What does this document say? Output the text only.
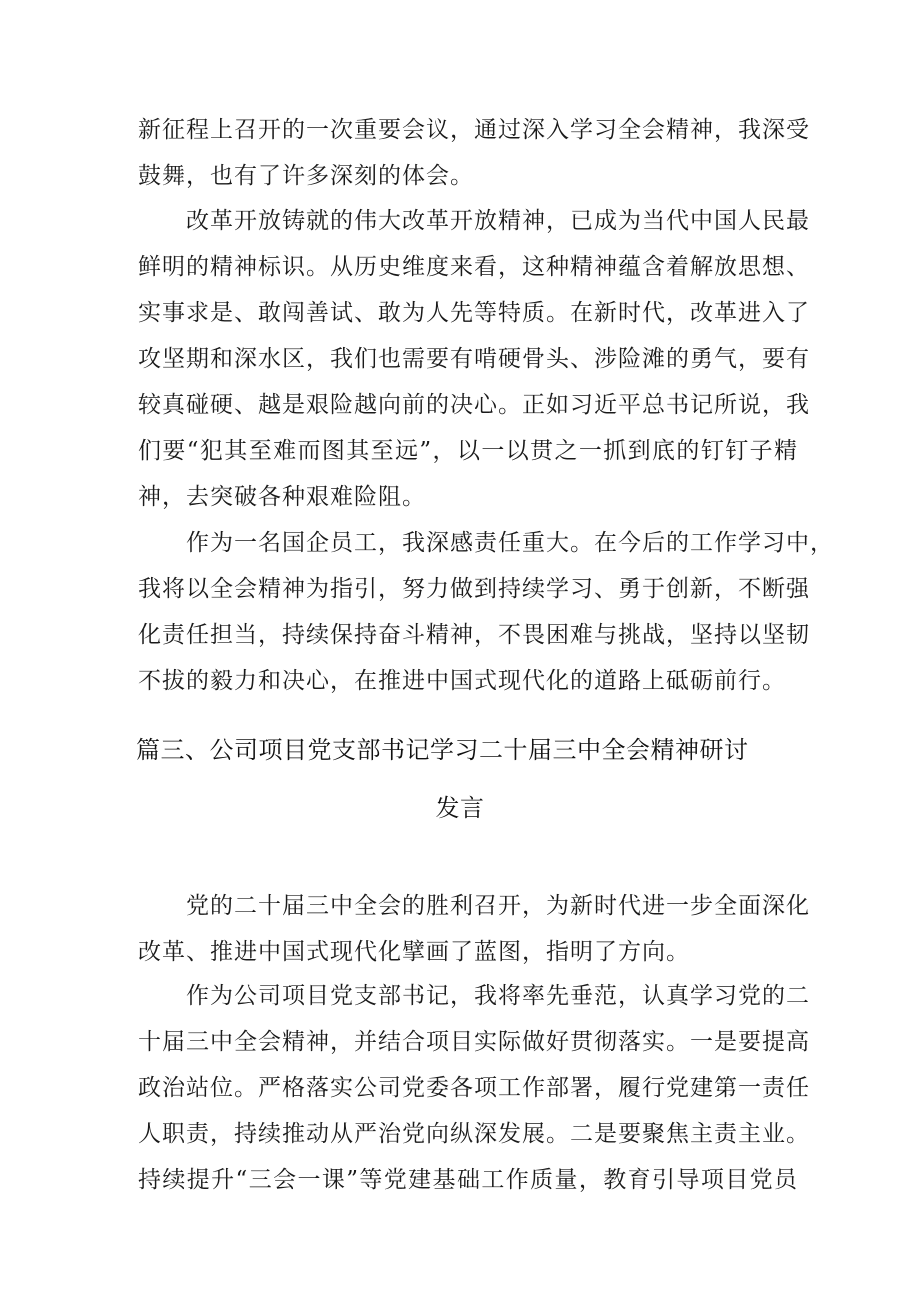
新征程上召开的一次重要会议，通过深入学习全会精神，我深受
鼓舞，也有了许多深刻的体会。
改革开放铸就的伟大改革开放精神，已成为当代中国人民最
鲜明的精神标识。从历史维度来看，这种精神蕴含着解放思想、
实事求是、敢闯善试、敢为人先等特质。在新时代，改革进入了
攻坚期和深水区，我们也需要有啃硬骨头、涉险滩的勇气，要有
较真碰硬、越是艰险越向前的决心。正如习近平总书记所说，我
们要“犯其至难而图其至远”，以一以贯之一抓到底的钉钉子精
神，去突破各种艰难险阻。
作为一名国企员工，我深感责任重大。在今后的工作学习中，
我将以全会精神为指引，努力做到持续学习、勇于创新，不断强
化责任担当，持续保持奋斗精神，不畏困难与挑战，坚持以坚韧
不拔的毅力和决心，在推进中国式现代化的道路上砥砺前行。
篇三、公司项目党支部书记学习二十届三中全会精神研讨
发言
党的二十届三中全会的胜利召开，为新时代进一步全面深化
改革、推进中国式现代化擘画了蓝图，指明了方向。
作为公司项目党支部书记，我将率先垂范，认真学习党的二
十届三中全会精神，并结合项目实际做好贯彻落实。一是要提高
政治站位。严格落实公司党委各项工作部署，履行党建第一责任
人职责，持续推动从严治党向纵深发展。二是要聚焦主责主业。
持续提升“三会一课”等党建基础工作质量，教育引导项目党员
